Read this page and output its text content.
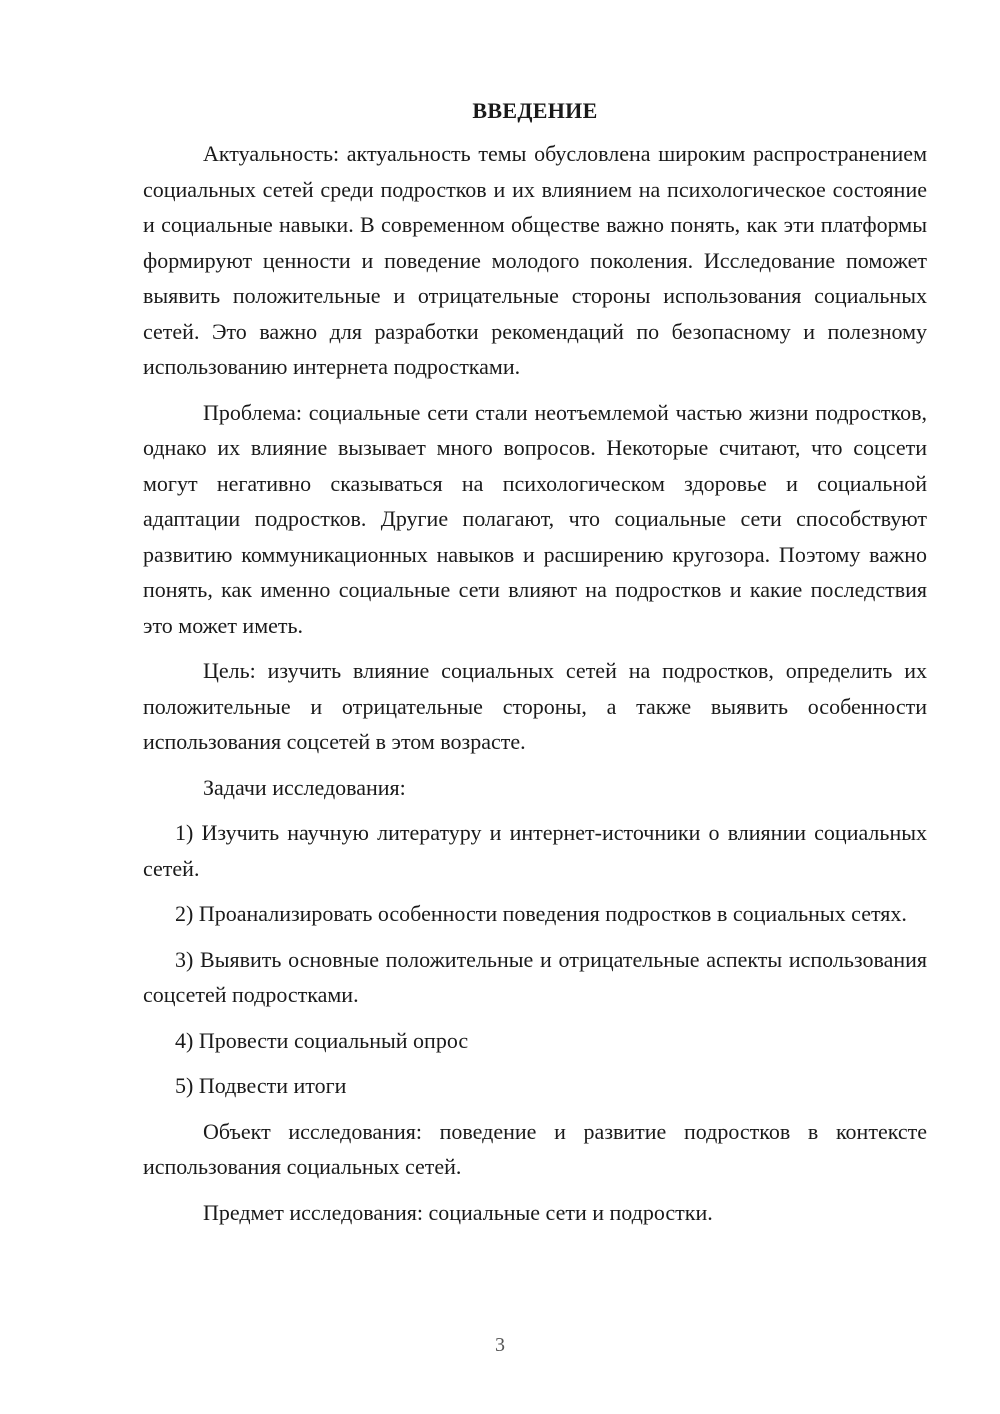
ВВЕДЕНИЕ

Актуальность: актуальность темы обусловлена широким распространением социальных сетей среди подростков и их влиянием на психологическое состояние и социальные навыки. В современном обществе важно понять, как эти платформы формируют ценности и поведение молодого поколения. Исследование поможет выявить положительные и отрицательные стороны использования социальных сетей. Это важно для разработки рекомендаций по безопасному и полезному использованию интернета подростками.

Проблема: социальные сети стали неотъемлемой частью жизни подростков, однако их влияние вызывает много вопросов. Некоторые считают, что соцсети могут негативно сказываться на психологическом здоровье и социальной адаптации подростков. Другие полагают, что социальные сети способствуют развитию коммуникационных навыков и расширению кругозора. Поэтому важно понять, как именно социальные сети влияют на подростков и какие последствия это может иметь.

Цель: изучить влияние социальных сетей на подростков, определить их положительные и отрицательные стороны, а также выявить особенности использования соцсетей в этом возрасте.

Задачи исследования:

1) Изучить научную литературу и интернет-источники о влиянии социальных сетей.

2) Проанализировать особенности поведения подростков в социальных сетях.

3) Выявить основные положительные и отрицательные аспекты использования соцсетей подростками.

4) Провести социальный опрос

5) Подвести итоги

Объект исследования: поведение и развитие подростков в контексте использования социальных сетей.

Предмет исследования: социальные сети и подростки.

3
